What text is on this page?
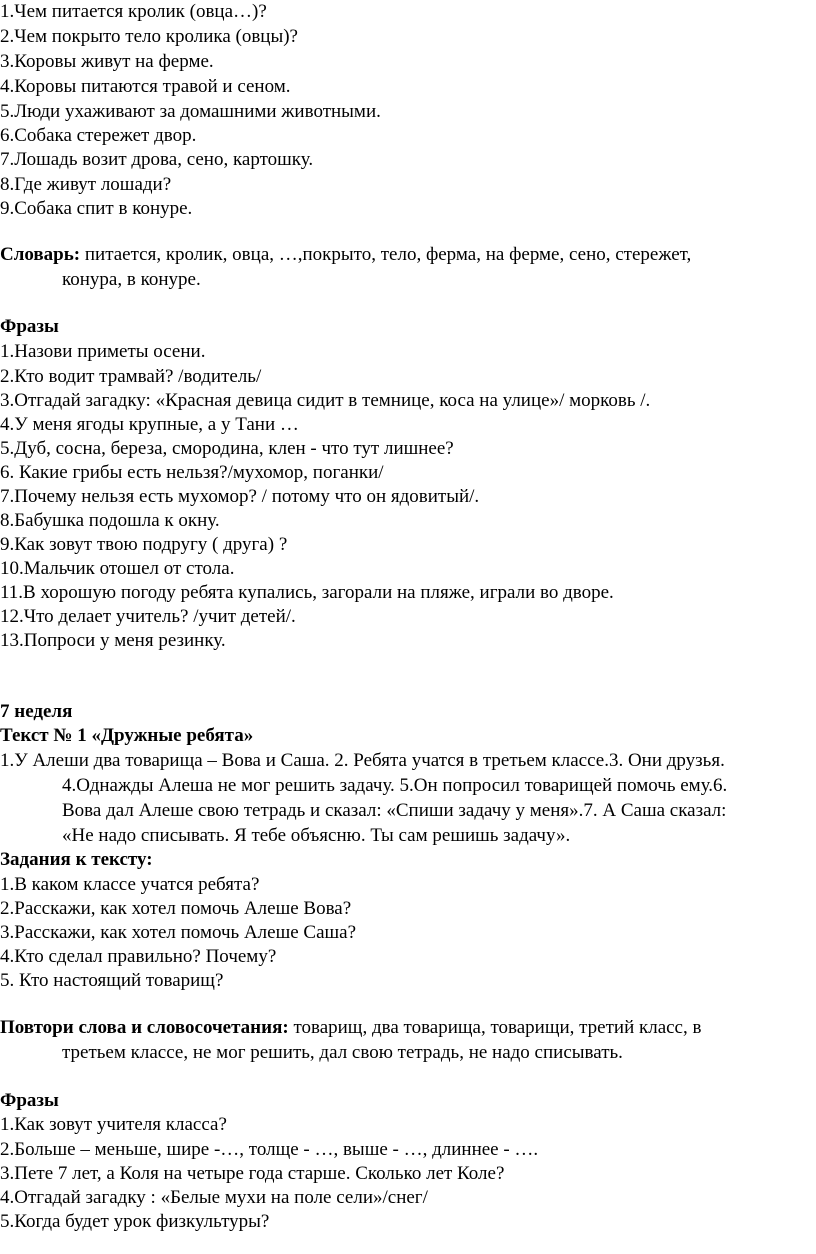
1.Чем питается кролик (овца…)?
2.Чем покрыто тело кролика (овцы)?
3.Коровы живут на ферме.
4.Коровы питаются травой и сеном.
5.Люди ухаживают за домашними животными.
6.Собака стережет двор.
7.Лошадь возит дрова, сено, картошку.
8.Где живут лошади?
9.Собака спит в конуре.
Словарь: питается, кролик, овца, …,покрыто, тело, ферма, на ферме, сено, стережет,
конура, в конуре.
Фразы
1.Назови приметы осени.
2.Кто водит трамвай? /водитель/
3.Отгадай загадку: «Красная девица сидит в темнице, коса на улице»/ морковь /.
4.У меня ягоды крупные, а у Тани …
5.Дуб, сосна, береза, смородина, клен - что тут лишнее?
6. Какие грибы есть нельзя?/мухомор, поганки/
7.Почему нельзя есть мухомор? / потому что он ядовитый/.
8.Бабушка подошла к окну.
9.Как зовут твою подругу ( друга) ?
10.Мальчик отошел от стола.
11.В хорошую погоду ребята купались, загорали на пляже, играли во дворе.
12.Что делает учитель? /учит детей/.
13.Попроси у меня резинку.
7 неделя
Текст № 1 «Дружные ребята»
1.У Алеши два товарища – Вова и Саша. 2. Ребята учатся в третьем классе.3. Они друзья.
4.Однажды Алеша не мог решить задачу. 5.Он попросил товарищей помочь ему.6.
Вова дал Алеше свою тетрадь и сказал: «Спиши задачу у меня».7. А Саша сказал:
«Не надо списывать. Я тебе объясню. Ты сам решишь задачу».
Задания к тексту:
1.В каком классе учатся ребята?
2.Расскажи, как хотел помочь Алеше Вова?
3.Расскажи, как хотел помочь Алеше Саша?
4.Кто сделал правильно? Почему?
5. Кто настоящий товарищ?
Повтори слова и словосочетания: товарищ, два товарища, товарищи, третий класс, в
третьем классе, не мог решить, дал свою тетрадь, не надо списывать.
Фразы
1.Как зовут учителя класса?
2.Больше – меньше, шире -…, толще - …, выше - …, длиннее - ….
3.Пете 7 лет, а Коля на четыре года старше. Сколько лет Коле?
4.Отгадай загадку : «Белые мухи на поле сели»/снег/
5.Когда будет урок физкультуры?
